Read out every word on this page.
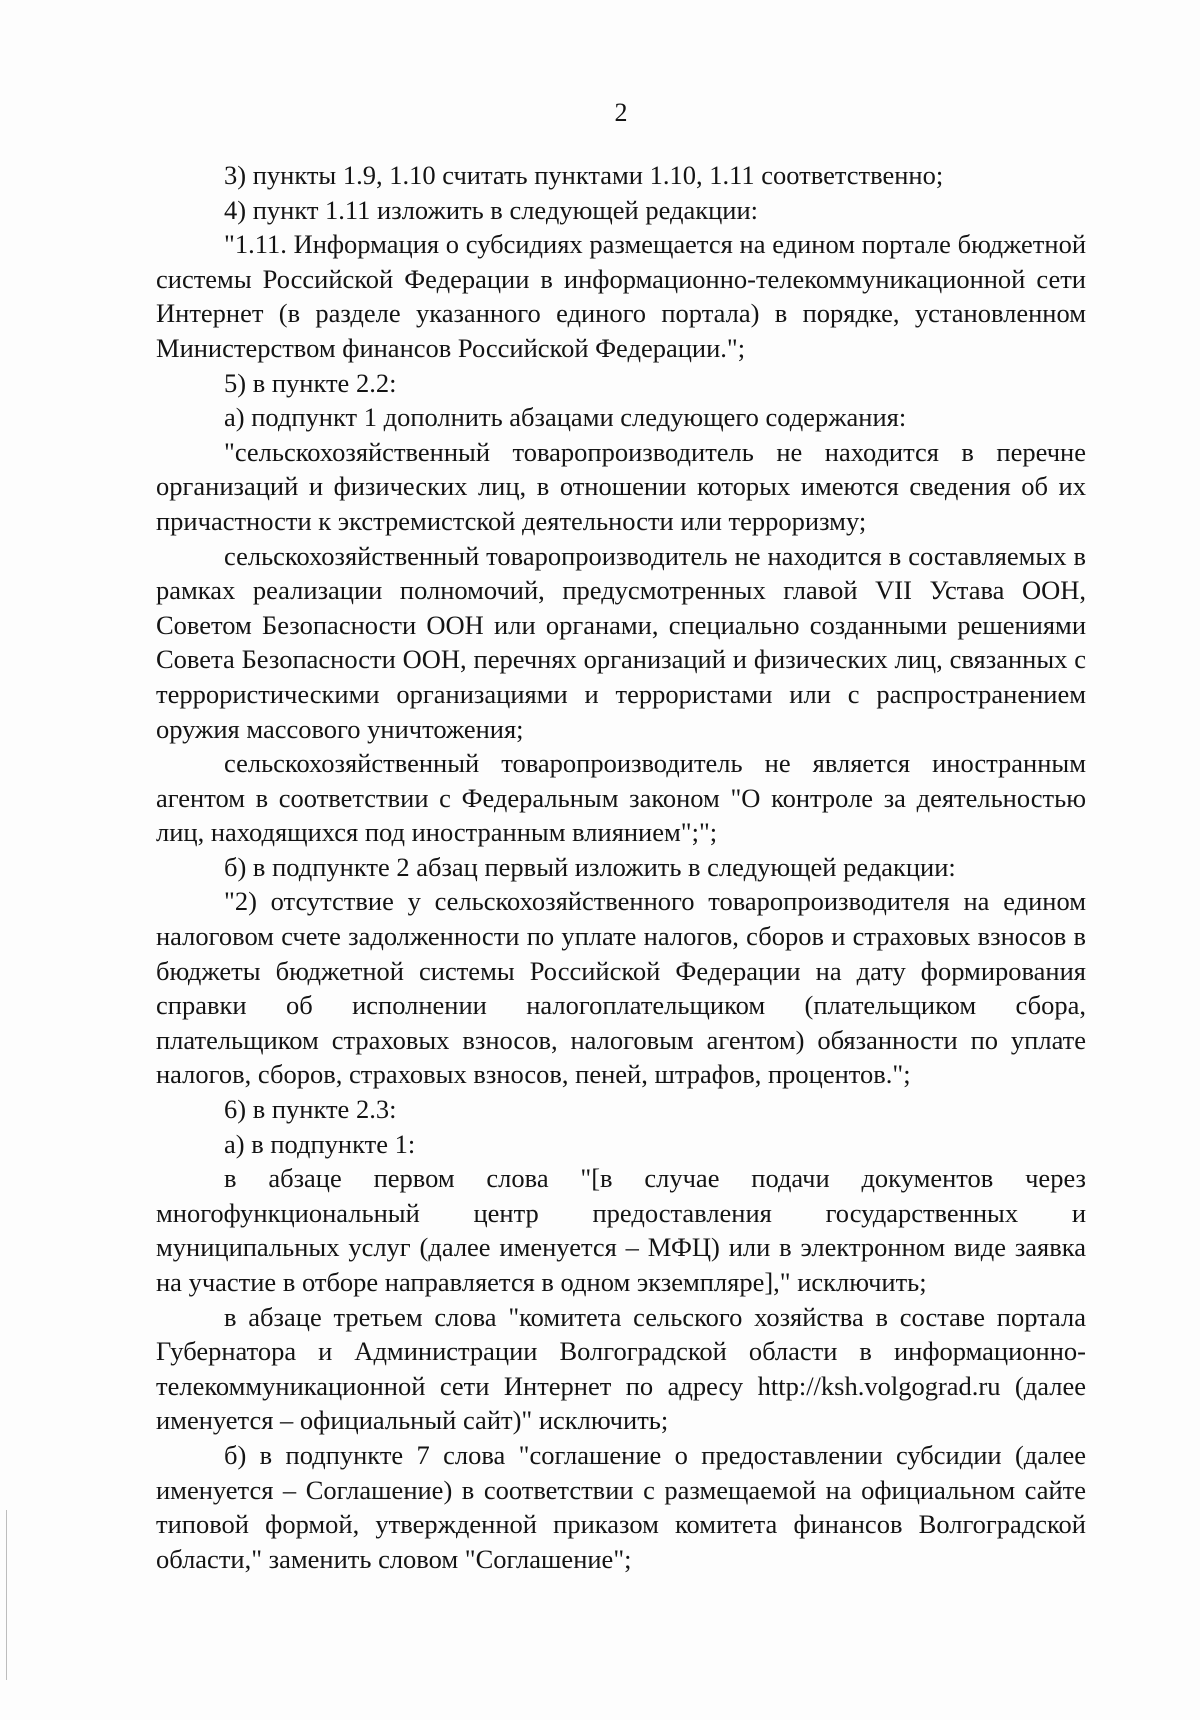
2

3) пункты 1.9, 1.10 считать пунктами 1.10, 1.11 соответственно;

4) пункт 1.11 изложить в следующей редакции:

"1.11. Информация о субсидиях размещается на едином портале бюджетной системы Российской Федерации в информационно-телекоммуникационной сети Интернет (в разделе указанного единого портала) в порядке, установленном Министерством финансов Российской Федерации.";

5) в пункте 2.2:

а) подпункт 1 дополнить абзацами следующего содержания:

"сельскохозяйственный товаропроизводитель не находится в перечне организаций и физических лиц, в отношении которых имеются сведения об их причастности к экстремистской деятельности или терроризму;

сельскохозяйственный товаропроизводитель не находится в составляемых в рамках реализации полномочий, предусмотренных главой VII Устава ООН, Советом Безопасности ООН или органами, специально созданными решениями Совета Безопасности ООН, перечнях организаций и физических лиц, связанных с террористическими организациями и террористами или с распространением оружия массового уничтожения;

сельскохозяйственный товаропроизводитель не является иностранным агентом в соответствии с Федеральным законом "О контроле за деятельностью лиц, находящихся под иностранным влиянием";";

б) в подпункте 2 абзац первый изложить в следующей редакции:

"2) отсутствие у сельскохозяйственного товаропроизводителя на едином налоговом счете задолженности по уплате налогов, сборов и страховых взносов в бюджеты бюджетной системы Российской Федерации на дату формирования справки об исполнении налогоплательщиком (плательщиком сбора, плательщиком страховых взносов, налоговым агентом) обязанности по уплате налогов, сборов, страховых взносов, пеней, штрафов, процентов.";

6) в пункте 2.3:

а) в подпункте 1:

в абзаце первом слова "[в случае подачи документов через многофункциональный центр предоставления государственных и муниципальных услуг (далее именуется – МФЦ) или в электронном виде заявка на участие в отборе направляется в одном экземпляре]," исключить;

в абзаце третьем слова "комитета сельского хозяйства в составе портала Губернатора и Администрации Волгоградской области в информационно-телекоммуникационной сети Интернет по адресу http://ksh.volgograd.ru (далее именуется – официальный сайт)" исключить;

б) в подпункте 7 слова "соглашение о предоставлении субсидии (далее именуется – Соглашение) в соответствии с размещаемой на официальном сайте типовой формой, утвержденной приказом комитета финансов Волгоградской области," заменить словом "Соглашение";
